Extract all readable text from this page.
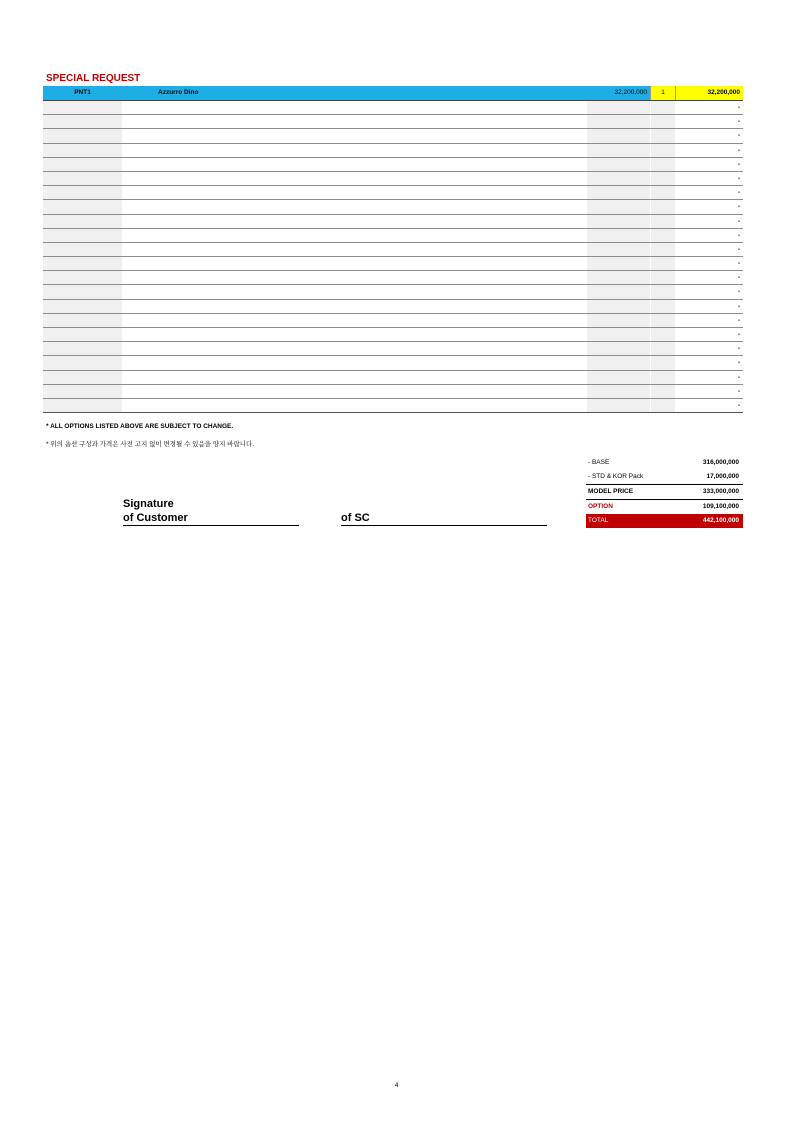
SPECIAL REQUEST
PNT1	Azzurro Dino	32,200,000	1	32,200,000
-
-
-
-
-
-
-
-
-
-
-
-
-
-
-
-
-
-
-
-
-
-
* ALL OPTIONS LISTED ABOVE ARE SUBJECT TO CHANGE.
* 위의 옵션 구성과 가격은 사전 고지 없이 변경될 수 있음을 양지 바랍니다.
- BASE	316,000,000
- STD & KOR Pack	17,000,000
MODEL PRICE	333,000,000
OPTION	109,100,000
TOTAL	442,100,000
Signature
of Customer	of SC
4
